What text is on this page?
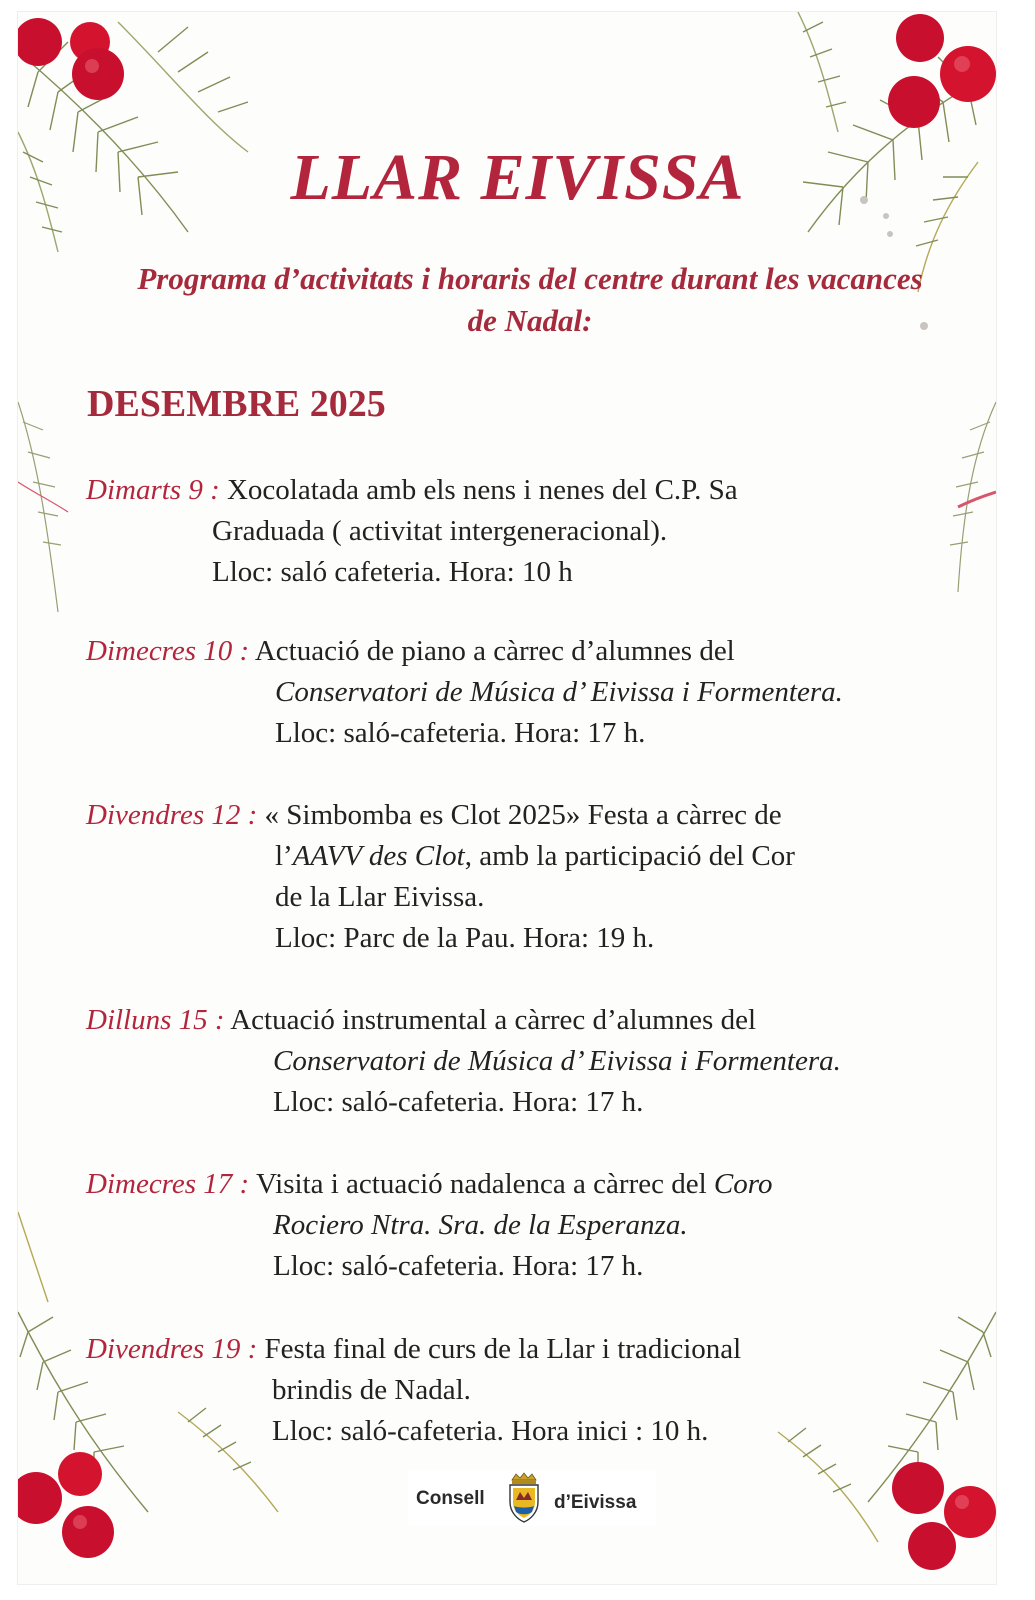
LLAR EIVISSA
Programa d’activitats i horaris del centre durant les vacances
de Nadal:
DESEMBRE 2025
Dimarts 9 : Xocolatada amb els nens i nenes del C.P. Sa
Graduada ( activitat intergeneracional).
Lloc: saló cafeteria. Hora: 10 h
Dimecres 10 : Actuació de piano a càrrec d’alumnes del
Conservatori de Música d’ Eivissa i Formentera.
Lloc: saló-cafeteria. Hora: 17 h.
Divendres 12 : « Simbomba es Clot 2025» Festa a càrrec de
l’AAVV des Clot, amb la participació del Cor
de la Llar Eivissa.
Lloc: Parc de la Pau. Hora: 19 h.
Dilluns 15 : Actuació instrumental a càrrec d’alumnes del
Conservatori de Música d’ Eivissa i Formentera.
Lloc: saló-cafeteria. Hora: 17 h.
Dimecres 17 : Visita i actuació nadalenca a càrrec del Coro
Rociero Ntra. Sra. de la Esperanza.
Lloc: saló-cafeteria. Hora: 17 h.
Divendres 19 : Festa final de curs de la Llar i tradicional
brindis de Nadal.
Lloc: saló-cafeteria. Hora inici : 10 h.
Consell	d’Eivissa
